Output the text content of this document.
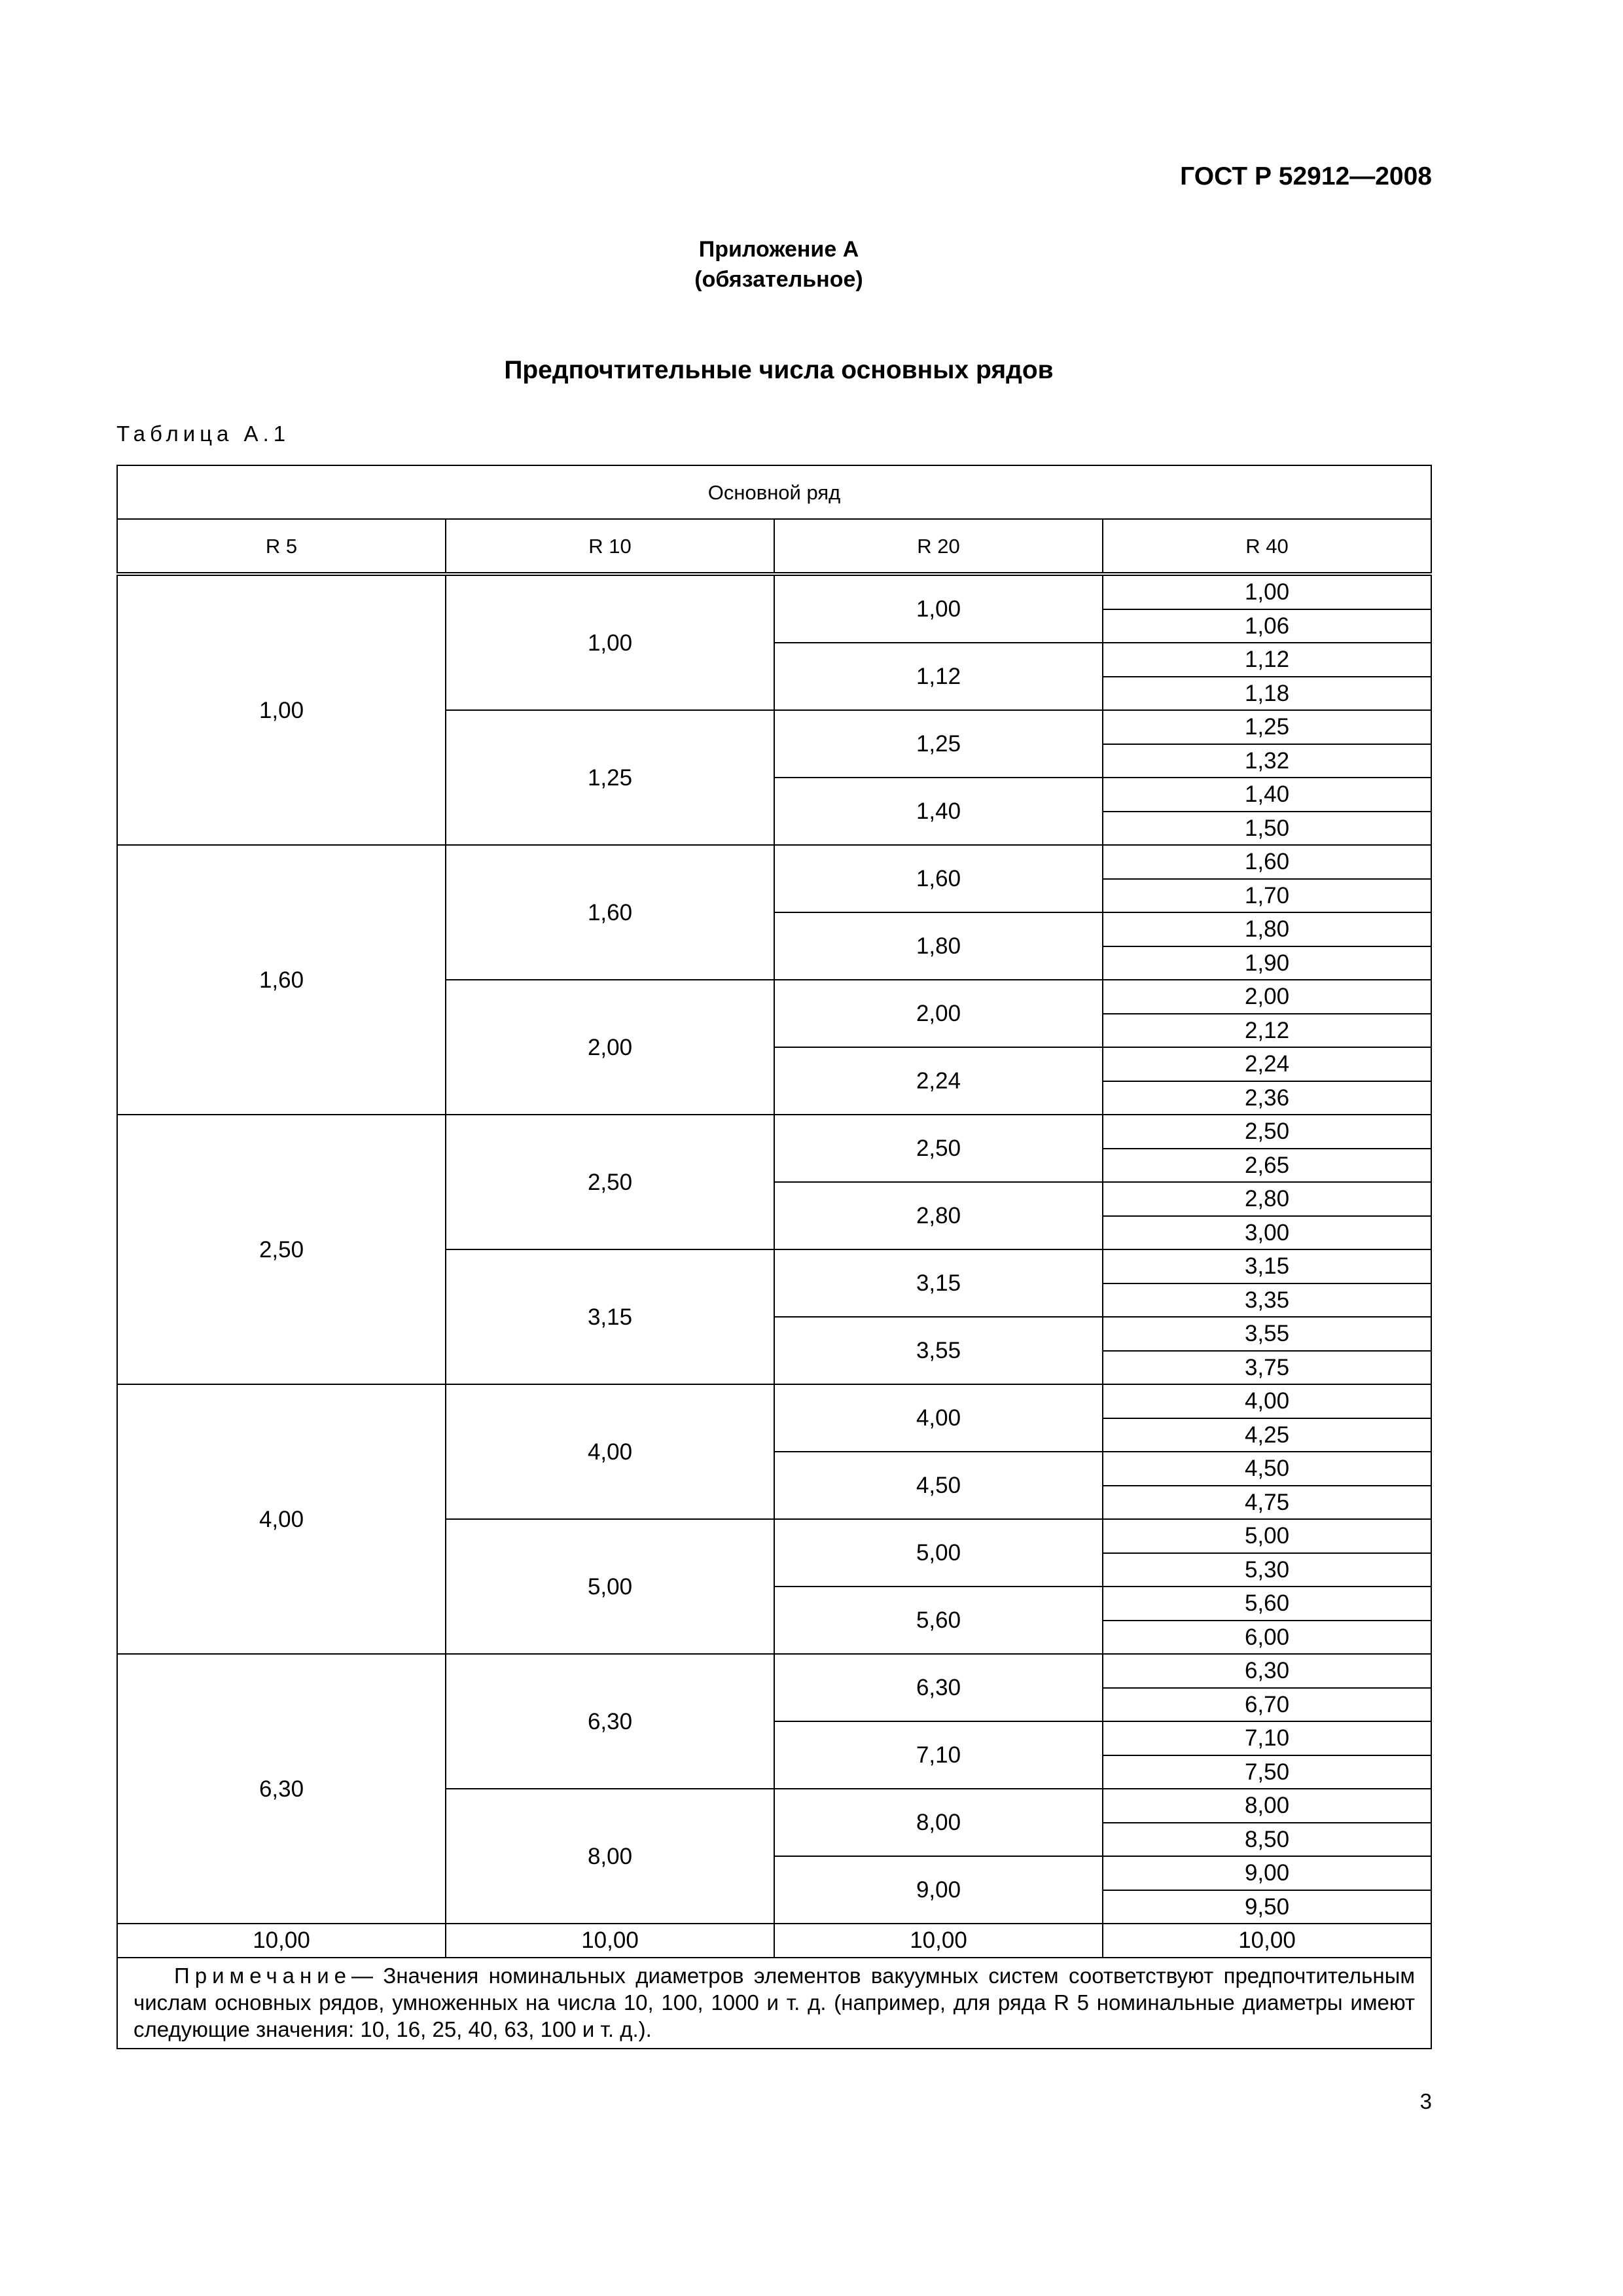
ГОСТ Р 52912—2008
Приложение А
(обязательное)
Предпочтительные числа основных рядов
Таблица А.1
Основной ряд			
R 5	R 10	R 20	R 40
1,00	1,00	1,00	1,00
			1,06
		1,12	1,12
			1,18
	1,25	1,25	1,25
			1,32
		1,40	1,40
			1,50
1,60	1,60	1,60	1,60
			1,70
		1,80	1,80
			1,90
	2,00	2,00	2,00
			2,12
		2,24	2,24
			2,36
2,50	2,50	2,50	2,50
			2,65
		2,80	2,80
			3,00
	3,15	3,15	3,15
			3,35
		3,55	3,55
			3,75
4,00	4,00	4,00	4,00
			4,25
		4,50	4,50
			4,75
	5,00	5,00	5,00
			5,30
		5,60	5,60
			6,00
6,30	6,30	6,30	6,30
			6,70
		7,10	7,10
			7,50
	8,00	8,00	8,00
			8,50
		9,00	9,00
			9,50
10,00	10,00	10,00	10,00
Примечание— Значения номинальных диаметров элементов вакуумных систем соответствуют предпочтительным числам основных рядов, умноженных на числа 10, 100, 1000 и т. д. (например, для ряда R 5 номинальные диаметры имеют следующие значения: 10, 16, 25, 40, 63, 100 и т. д.).			
3
